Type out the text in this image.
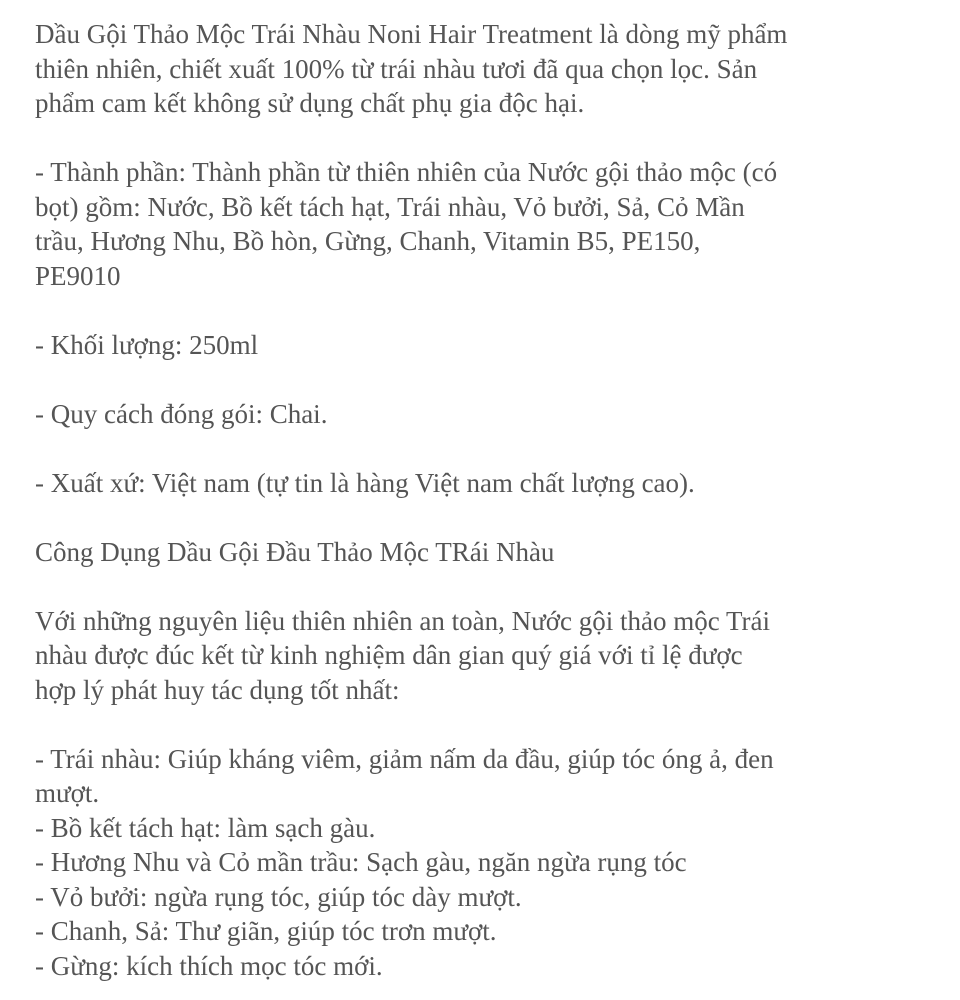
Dầu Gội Thảo Mộc Trái Nhàu Noni Hair Treatment là dòng mỹ phẩm

thiên nhiên, chiết xuất 100% từ trái nhàu tươi đã qua chọn lọc. Sản

phẩm cam kết không sử dụng chất phụ gia độc hại.

- Thành phần: Thành phần từ thiên nhiên của Nước gội thảo mộc (có

bọt) gồm: Nước, Bồ kết tách hạt, Trái nhàu, Vỏ bưởi, Sả, Cỏ Mần

trầu, Hương Nhu, Bồ hòn, Gừng, Chanh, Vitamin B5, PE150,

PE9010

- Khối lượng: 250ml

- Quy cách đóng gói: Chai.

- Xuất xứ: Việt nam (tự tin là hàng Việt nam chất lượng cao).

Công Dụng Dầu Gội Đầu Thảo Mộc TRái Nhàu

Với những nguyên liệu thiên nhiên an toàn, Nước gội thảo mộc Trái

nhàu được đúc kết từ kinh nghiệm dân gian quý giá với tỉ lệ được

hợp lý phát huy tác dụng tốt nhất:

- Trái nhàu: Giúp kháng viêm, giảm nấm da đầu, giúp tóc óng ả, đen

mượt.

- Bồ kết tách hạt: làm sạch gàu.

- Hương Nhu và Cỏ mần trầu: Sạch gàu, ngăn ngừa rụng tóc

- Vỏ bưởi: ngừa rụng tóc, giúp tóc dày mượt.

- Chanh, Sả: Thư giãn, giúp tóc trơn mượt.

- Gừng: kích thích mọc tóc mới.
